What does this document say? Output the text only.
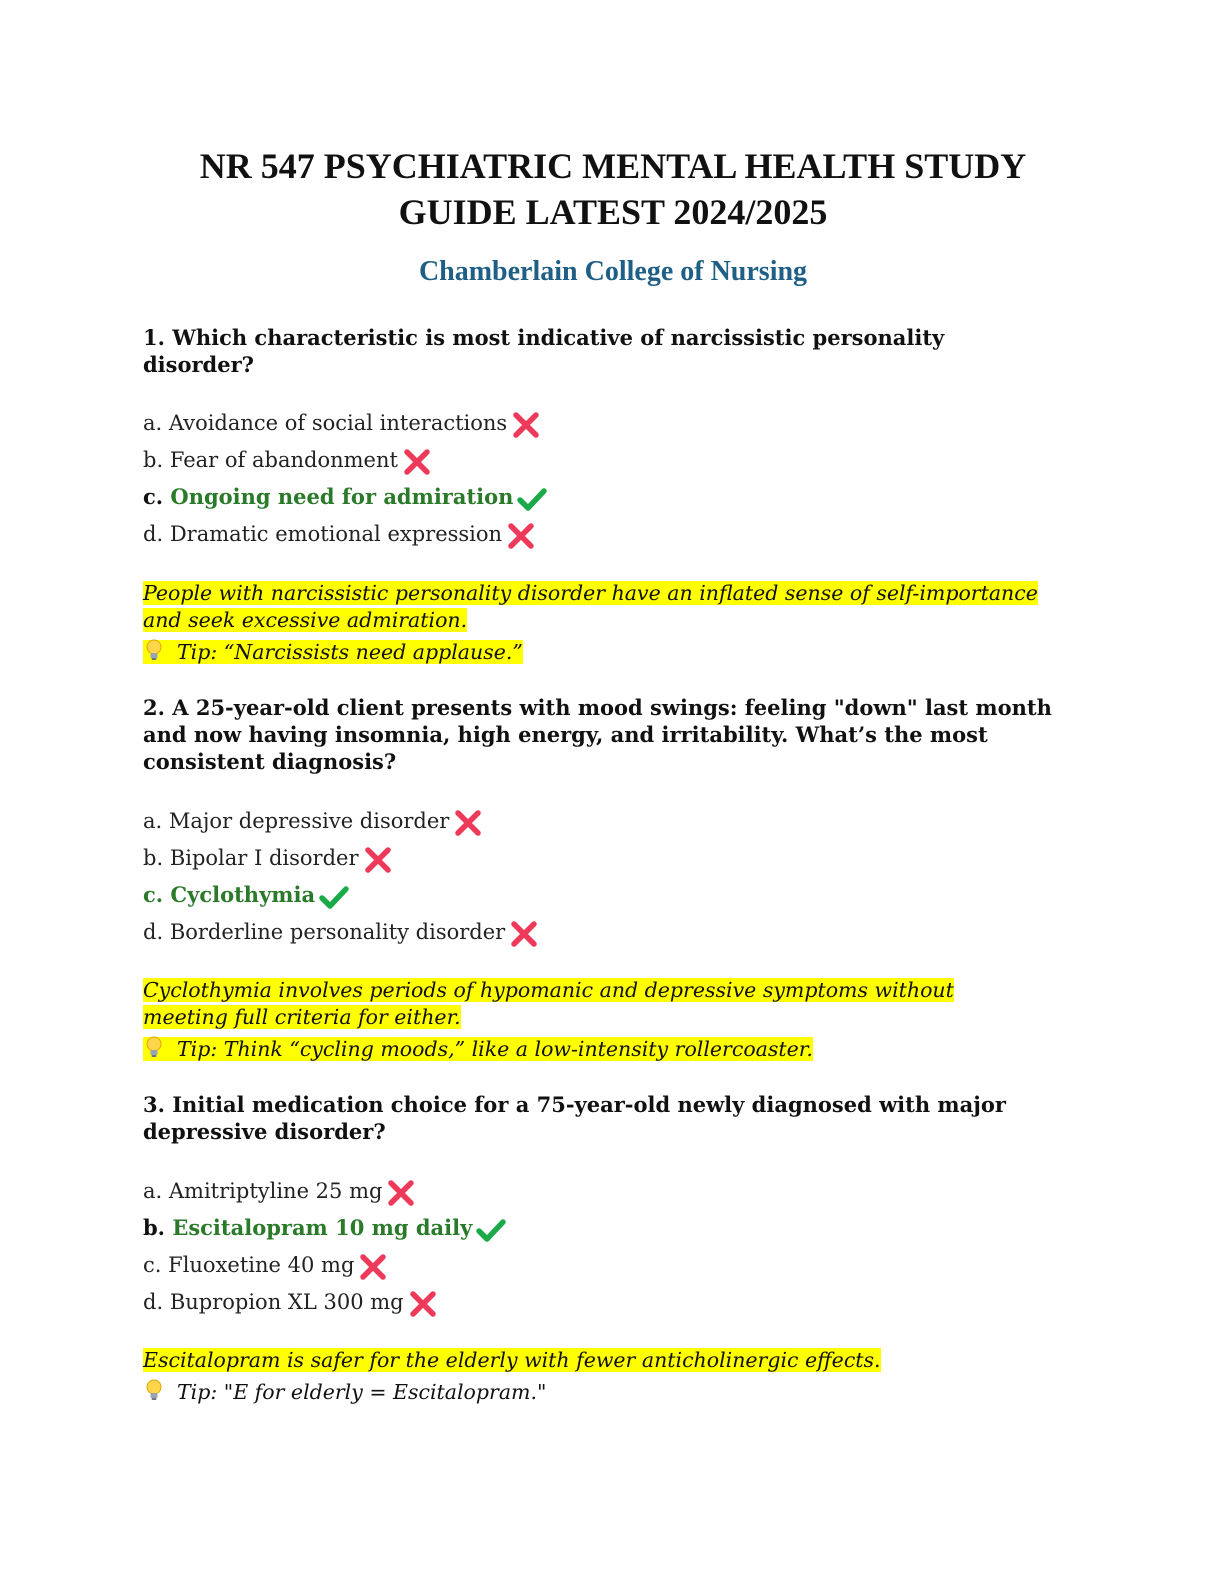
NR 547 PSYCHIATRIC MENTAL HEALTH STUDY
GUIDE LATEST 2024/2025
Chamberlain College of Nursing

1. Which characteristic is most indicative of narcissistic personality disorder?

a. Avoidance of social interactions
b. Fear of abandonment
c. Ongoing need for admiration
d. Dramatic emotional expression

People with narcissistic personality disorder have an inflated sense of self-importance and seek excessive admiration.

Tip: “Narcissists need applause.”

2. A 25-year-old client presents with mood swings: feeling "down" last month and now having insomnia, high energy, and irritability. What’s the most consistent diagnosis?

a. Major depressive disorder
b. Bipolar I disorder
c. Cyclothymia
d. Borderline personality disorder

Cyclothymia involves periods of hypomanic and depressive symptoms without meeting full criteria for either.

Tip: Think “cycling moods,” like a low-intensity rollercoaster.

3. Initial medication choice for a 75-year-old newly diagnosed with major depressive disorder?

a. Amitriptyline 25 mg
b. Escitalopram 10 mg daily
c. Fluoxetine 40 mg
d. Bupropion XL 300 mg

Escitalopram is safer for the elderly with fewer anticholinergic effects.

Tip: "E for elderly = Escitalopram."
